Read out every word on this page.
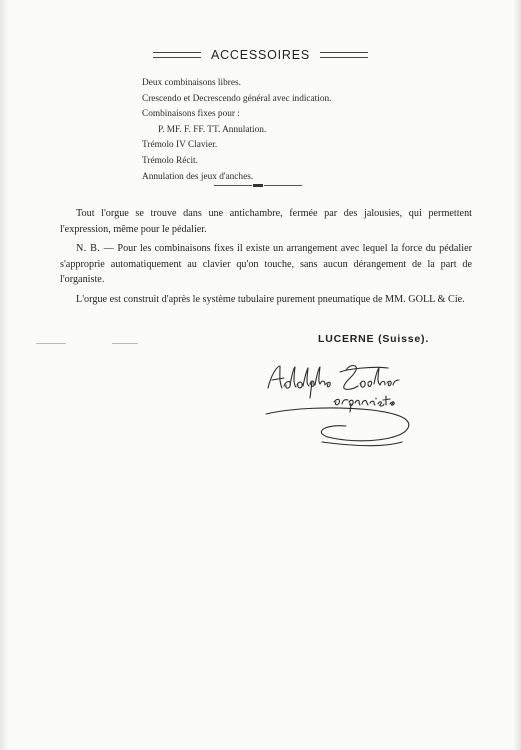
ACCESSOIRES
Deux combinaisons libres.
Crescendo et Decrescendo général avec indication.
Combinaisons fixes pour :
P. MF. F. FF. TT. Annulation.
Trémolo IV Clavier.
Trémolo Récit.
Annulation des jeux d'anches.

Tout l'orgue se trouve dans une antichambre, fermée par des jalousies, qui permettent l'expression, même pour le pédalier.

N. B. — Pour les combinaisons fixes il existe un arrangement avec lequel la force du pédalier s'approprie automatiquement au clavier qu'on touche, sans aucun dérangement de la part de l'organiste.

L'orgue est construit d'après le système tubulaire purement pneumatique de MM. GOLL & Cie.

LUCERNE (Suisse).
